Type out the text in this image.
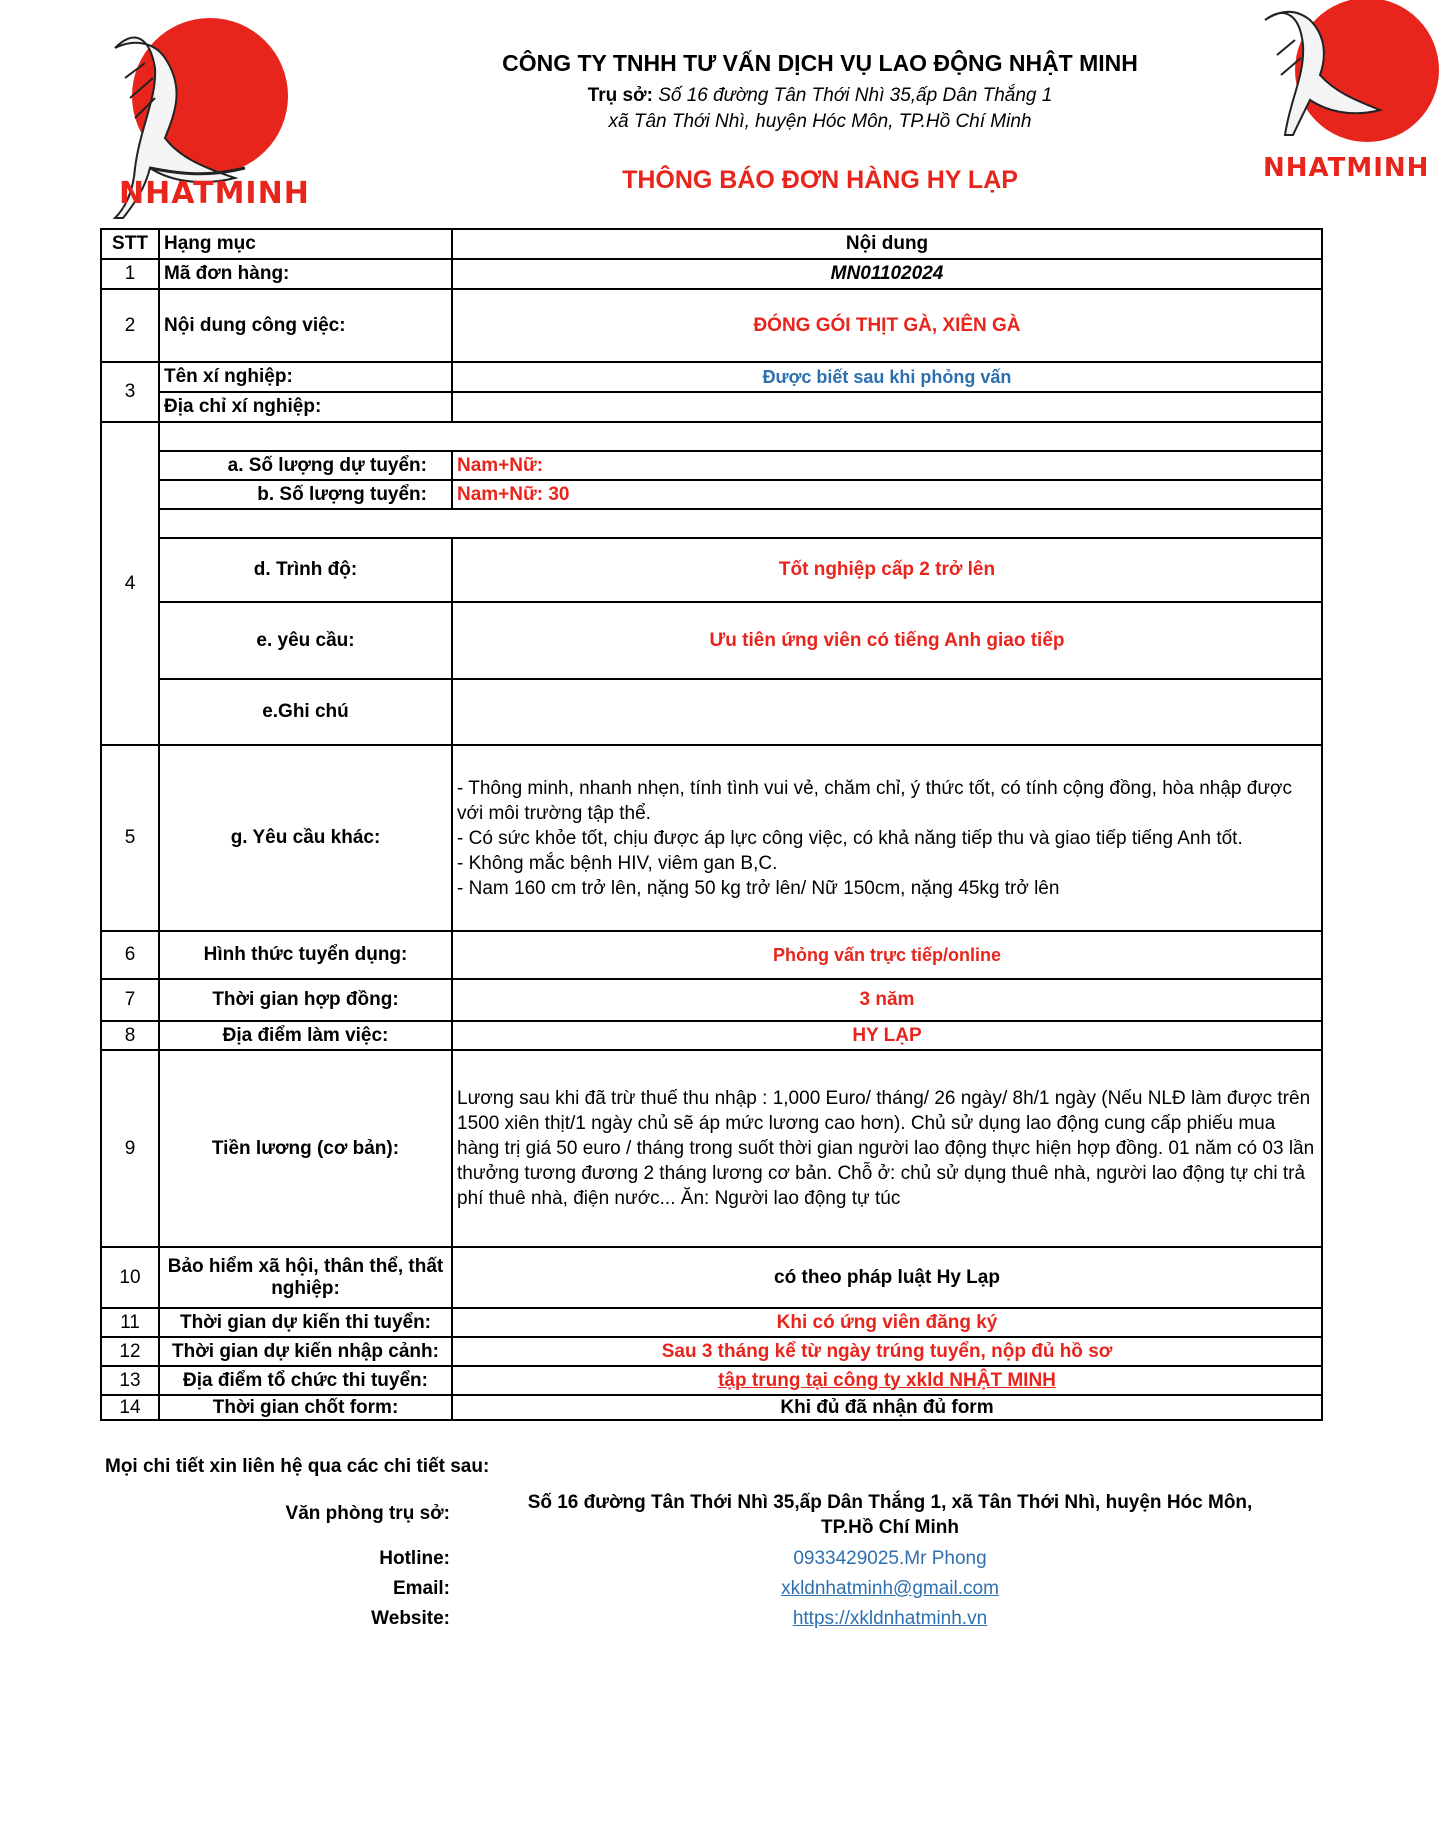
NHATMINH
NHATMINH
CÔNG TY TNHH TƯ VẤN DỊCH VỤ LAO ĐỘNG NHẬT MINH
Trụ sở: Số 16 đường Tân Thới Nhì 35,ấp Dân Thắng 1
xã Tân Thới Nhì, huyện Hóc Môn, TP.Hồ Chí Minh
THÔNG BÁO ĐƠN HÀNG HY LẠP
STT	Hạng mục	Nội dung
1	Mã đơn hàng:	MN01102024
2	Nội dung công việc:	ĐÓNG GÓI THỊT GÀ, XIÊN GÀ
3	Tên xí nghiệp:	Được biết sau khi phỏng vấn
	Địa chỉ xí nghiệp:	
4		
	a. Số lượng dự tuyển:	Nam+Nữ:
	b. Số lượng tuyển:	Nam+Nữ: 30

	d. Trình độ:	Tốt nghiệp cấp 2 trở lên
	e. yêu cầu:	Ưu tiên ứng viên có tiếng Anh giao tiếp
	e.Ghi chú	
5	g. Yêu cầu khác:	- Thông minh, nhanh nhẹn, tính tình vui vẻ, chăm chỉ, ý thức tốt, có tính cộng đồng, hòa nhập được với môi trường tập thể.
- Có sức khỏe tốt, chịu được áp lực công việc, có khả năng tiếp thu và giao tiếp tiếng Anh tốt.
- Không mắc bệnh HIV, viêm gan B,C.
- Nam 160 cm trở lên, nặng 50 kg trở lên/ Nữ 150cm, nặng 45kg trở lên

6	Hình thức tuyển dụng:	Phỏng vấn trực tiếp/online
7	Thời gian hợp đồng:	3 năm
8	Địa điểm làm việc:	HY LẠP
9	Tiền lương (cơ bản):	Lương sau khi đã trừ thuế thu nhập : 1,000 Euro/ tháng/ 26 ngày/ 8h/1 ngày (Nếu NLĐ làm được trên 1500 xiên thịt/1 ngày chủ sẽ áp mức lương cao hơn). Chủ sử dụng lao động cung cấp phiếu mua hàng trị giá 50 euro / tháng trong suốt thời gian người lao động thực hiện hợp đồng. 01 năm có 03 lần thưởng tương đương 2 tháng lương cơ bản. Chỗ ở: chủ sử dụng thuê nhà, người lao động tự chi trả phí thuê nhà, điện nước... Ăn: Người lao động tự túc
10	Bảo hiểm xã hội, thân thể, thất nghiệp:	có theo pháp luật Hy Lạp
11	Thời gian dự kiến thi tuyển:	Khi có ứng viên đăng ký
12	Thời gian dự kiến nhập cảnh:	Sau 3 tháng kể từ ngày trúng tuyển, nộp đủ hồ sơ
13	Địa điểm tổ chức thi tuyển:	tập trung tại công ty xkld NHẬT MINH
14	Thời gian chốt form:	Khi đủ đã nhận đủ form
Mọi chi tiết xin liên hệ qua các chi tiết sau:
Văn phòng trụ sở:
Số 16 đường Tân Thới Nhì 35,ấp Dân Thắng 1, xã Tân Thới Nhì, huyện Hóc Môn,
TP.Hồ Chí Minh
Hotline:	0933429025.Mr Phong
Email:	xkldnhatminh@gmail.com
Website:	https://xkldnhatminh.vn
